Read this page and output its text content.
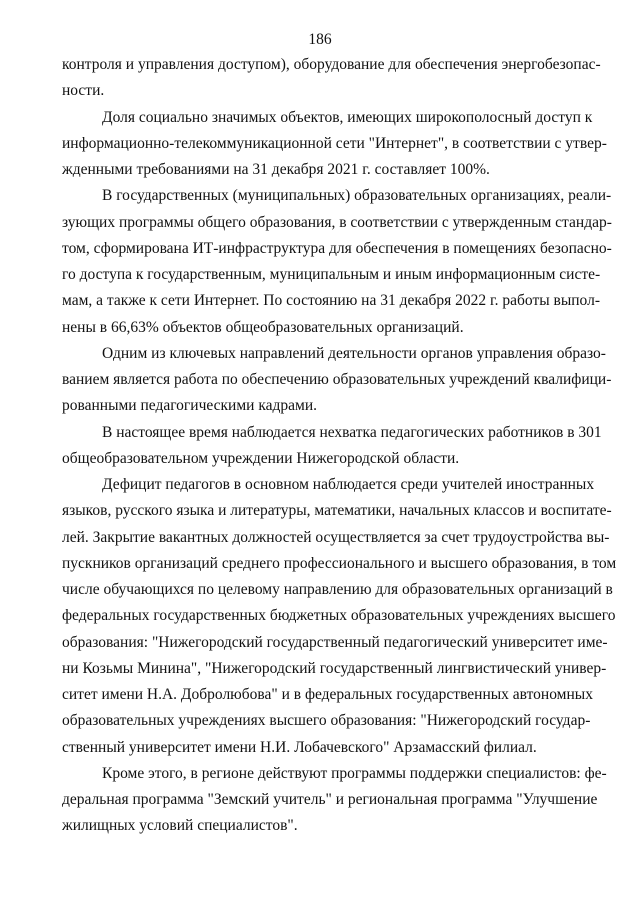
186
контроля и управления доступом), оборудование для обеспечения энергобезопас-
ности.
Доля социально значимых объектов, имеющих широкополосный доступ к
информационно-телекоммуникационной сети "Интернет", в соответствии с утвер-
жденными требованиями на 31 декабря 2021 г. составляет 100%.
В государственных (муниципальных) образовательных организациях, реали-
зующих программы общего образования, в соответствии с утвержденным стандар-
том, сформирована ИТ-инфраструктура для обеспечения в помещениях безопасно-
го доступа к государственным, муниципальным и иным информационным систе-
мам, а также к сети Интернет. По состоянию на 31 декабря 2022 г. работы выпол-
нены в 66,63% объектов общеобразовательных организаций.
Одним из ключевых направлений деятельности органов управления образо-
ванием является работа по обеспечению образовательных учреждений квалифици-
рованными педагогическими кадрами.
В настоящее время наблюдается нехватка педагогических работников в 301
общеобразовательном учреждении Нижегородской области.
Дефицит педагогов в основном наблюдается среди учителей иностранных
языков, русского языка и литературы, математики, начальных классов и воспитате-
лей. Закрытие вакантных должностей осуществляется за счет трудоустройства вы-
пускников организаций среднего профессионального и высшего образования, в том
числе обучающихся по целевому направлению для образовательных организаций в
федеральных государственных бюджетных образовательных учреждениях высшего
образования: "Нижегородский государственный педагогический университет име-
ни Козьмы Минина", "Нижегородский государственный лингвистический универ-
ситет имени Н.А. Добролюбова" и в федеральных государственных автономных
образовательных учреждениях высшего образования: "Нижегородский государ-
ственный университет имени Н.И. Лобачевского" Арзамасский филиал.
Кроме этого, в регионе действуют программы поддержки специалистов: фе-
деральная программа "Земский учитель" и региональная программа "Улучшение
жилищных условий специалистов".
